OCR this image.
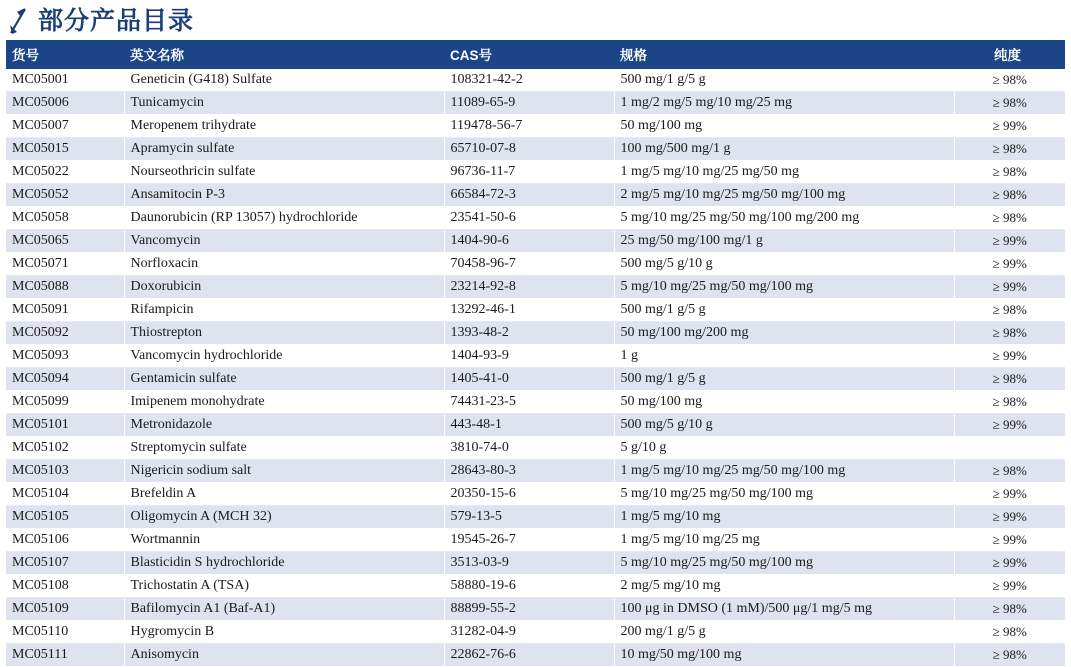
部分产品目录
货号	英文名称	CAS号	规格	纯度
MC05001	Geneticin (G418) Sulfate	108321-42-2	500 mg/1 g/5 g	≥ 98%
MC05006	Tunicamycin	11089-65-9	1 mg/2 mg/5 mg/10 mg/25 mg	≥ 98%
MC05007	Meropenem trihydrate	119478-56-7	50 mg/100 mg	≥ 99%
MC05015	Apramycin sulfate	65710-07-8	100 mg/500 mg/1 g	≥ 98%
MC05022	Nourseothricin sulfate	96736-11-7	1 mg/5 mg/10 mg/25 mg/50 mg	≥ 98%
MC05052	Ansamitocin P-3	66584-72-3	2 mg/5 mg/10 mg/25 mg/50 mg/100 mg	≥ 98%
MC05058	Daunorubicin (RP 13057) hydrochloride	23541-50-6	5 mg/10 mg/25 mg/50 mg/100 mg/200 mg	≥ 98%
MC05065	Vancomycin	1404-90-6	25 mg/50 mg/100 mg/1 g	≥ 99%
MC05071	Norfloxacin	70458-96-7	500 mg/5 g/10 g	≥ 99%
MC05088	Doxorubicin	23214-92-8	5 mg/10 mg/25 mg/50 mg/100 mg	≥ 99%
MC05091	Rifampicin	13292-46-1	500 mg/1 g/5 g	≥ 98%
MC05092	Thiostrepton	1393-48-2	50 mg/100 mg/200 mg	≥ 98%
MC05093	Vancomycin hydrochloride	1404-93-9	1 g	≥ 99%
MC05094	Gentamicin sulfate	1405-41-0	500 mg/1 g/5 g	≥ 98%
MC05099	Imipenem monohydrate	74431-23-5	50 mg/100 mg	≥ 98%
MC05101	Metronidazole	443-48-1	500 mg/5 g/10 g	≥ 99%
MC05102	Streptomycin sulfate	3810-74-0	5 g/10 g	
MC05103	Nigericin sodium salt	28643-80-3	1 mg/5 mg/10 mg/25 mg/50 mg/100 mg	≥ 98%
MC05104	Brefeldin A	20350-15-6	5 mg/10 mg/25 mg/50 mg/100 mg	≥ 99%
MC05105	Oligomycin A (MCH 32)	579-13-5	1 mg/5 mg/10 mg	≥ 99%
MC05106	Wortmannin	19545-26-7	1 mg/5 mg/10 mg/25 mg	≥ 99%
MC05107	Blasticidin S hydrochloride	3513-03-9	5 mg/10 mg/25 mg/50 mg/100 mg	≥ 99%
MC05108	Trichostatin A (TSA)	58880-19-6	2 mg/5 mg/10 mg	≥ 99%
MC05109	Bafilomycin A1 (Baf-A1)	88899-55-2	100 μg in DMSO (1 mM)/500 μg/1 mg/5 mg	≥ 98%
MC05110	Hygromycin B	31282-04-9	200 mg/1 g/5 g	≥ 98%
MC05111	Anisomycin	22862-76-6	10 mg/50 mg/100 mg	≥ 98%
